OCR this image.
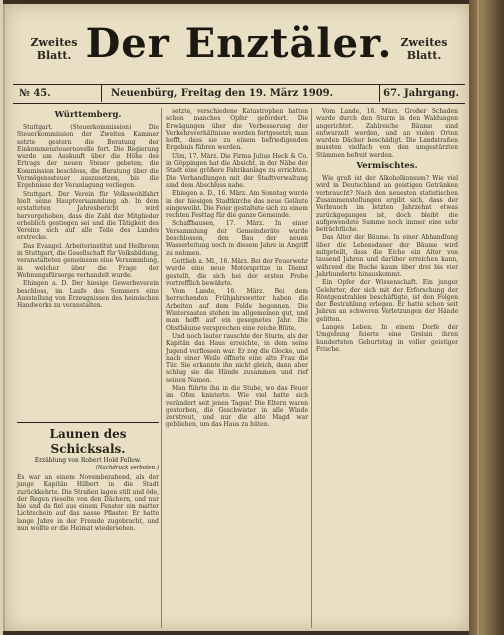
Zweites
Blatt. Der Enztäler. Zweites
Blatt.
№ 45.	Neuenbürg, Freitag den 19. März 1909.	67. Jahrgang.
Württemberg.

Stuttgart. (Steuerkommission) Die Steuerkommission der Zweiten Kammer setzte gestern die Beratung der Einkommensteuernovelle fort. Die Regierung wurde um Auskunft über die Höhe des Ertrags der neuen Steuer gebeten; die Kommission beschloss, die Beratung über die Vermögenssteuer auszusetzen, bis die Ergebnisse der Veranlagung vorliegen.

Stuttgart. Der Verein für Volkswohlfahrt hielt seine Hauptversammlung ab. In dem erstatteten Jahresbericht wird hervorgehoben, dass die Zahl der Mitglieder erheblich gestiegen sei und die Tätigkeit des Vereins sich auf alle Teile des Landes erstrecke.

Das Evangel. Arbeiterinstitut und Heilbronn in Stuttgart, die Gesellschaft für Volksbildung, veranstalteten gemeinsam eine Versammlung, in welcher über die Frage der Wohnungsfürsorge verhandelt wurde.

Ehingen a. D. Der hiesige Gewerbeverein beschloss, im Laufe des Sommers eine Ausstellung von Erzeugnissen des heimischen Handwerks zu veranstalten.

Launen des Schicksals.
Erzählung von Robert Hold Fellow.
(Nachdruck verboten.)

Es war an einem Novemberabend, als der junge Kapitän Hilbert in die Stadt zurückkehrte. Die Straßen lagen still und öde, der Regen rieselte von den Dächern, und nur hie und da fiel aus einem Fenster ein matter Lichtschein auf das nasse Pflaster. Er hatte lange Jahre in der Fremde zugebracht, und nun wollte er die Heimat wiedersehen.

setzte, verschiedene Katastrophen hatten schon manches Opfer gefordert. Die Erwägungen über die Verbesserung der Verkehrsverhältnisse werden fortgesetzt; man hofft, dass sie zu einem befriedigenden Ergebnis führen werden.

Ulm, 17. März. Die Firma Julius Heck & Co. in Göppingen hat die Absicht, in der Nähe der Stadt eine größere Fabrikanlage zu errichten. Die Verhandlungen mit der Stadtverwaltung sind dem Abschluss nahe.

Ehingen a. D., 16. März. Am Sonntag wurde in der hiesigen Stadtkirche das neue Geläute eingeweiht. Die Feier gestaltete sich zu einem rechten Festtag für die ganze Gemeinde.

Schaffhausen, 17. März. In einer Versammlung der Gemeinderäte wurde beschlossen, den Bau der neuen Wasserleitung noch in diesem Jahre in Angriff zu nehmen.

Gottlieb a. Ml., 16. März. Bei der Feuerwehr wurde eine neue Motorspritze in Dienst gestellt, die sich bei der ersten Probe vortrefflich bewährte.

Vom Lande, 16. März. Bei dem herrschenden Frühjahrswetter haben die Arbeiten auf dem Felde begonnen. Die Wintersaaten stehen im allgemeinen gut, und man hofft auf ein gesegnetes Jahr. Die Obstbäume versprechen eine reiche Blüte.

Und noch lauter rauschte der Sturm, als der Kapitän das Haus erreichte, in dem seine Jugend verflossen war. Er zog die Glocke, und nach einer Weile öffnete eine alte Frau die Tür. Sie erkannte ihn nicht gleich, dann aber schlug sie die Hände zusammen und rief seinen Namen.

Man führte ihn in die Stube, wo das Feuer im Ofen knisterte. Wie viel hatte sich verändert seit jenen Tagen! Die Eltern waren gestorben, die Geschwister in alle Winde zerstreut, und nur die alte Magd war geblieben, um das Haus zu hüten.

Vom Lande, 16. März. Großer Schaden wurde durch den Sturm in den Waldungen angerichtet. Zahlreiche Bäume sind entwurzelt worden, und an vielen Orten wurden Dächer beschädigt. Die Landstraßen mussten vielfach von den umgestürzten Stämmen befreit werden.

Vermischtes.

Wie groß ist der Alkoholkonsum? Wie viel wird in Deutschland an geistigen Getränken verbraucht? Nach den neuesten statistischen Zusammenstellungen ergibt sich, dass der Verbrauch im letzten Jahrzehnt etwas zurückgegangen ist, doch bleibt die aufgewendete Summe noch immer eine sehr beträchtliche.

Das Alter der Bäume. In einer Abhandlung über die Lebensdauer der Bäume wird mitgeteilt, dass die Eiche ein Alter von tausend Jahren und darüber erreichen kann, während die Buche kaum über drei bis vier Jahrhunderte hinauskommt.

Ein Opfer der Wissenschaft. Ein junger Gelehrter, der sich mit der Erforschung der Röntgenstrahlen beschäftigte, ist den Folgen der Bestrahlung erlegen. Er hatte schon seit Jahren an schweren Verletzungen der Hände gelitten.

Langes Leben. In einem Dorfe der Umgebung feierte eine Greisin ihren hundertsten Geburtstag in voller geistiger Frische.
